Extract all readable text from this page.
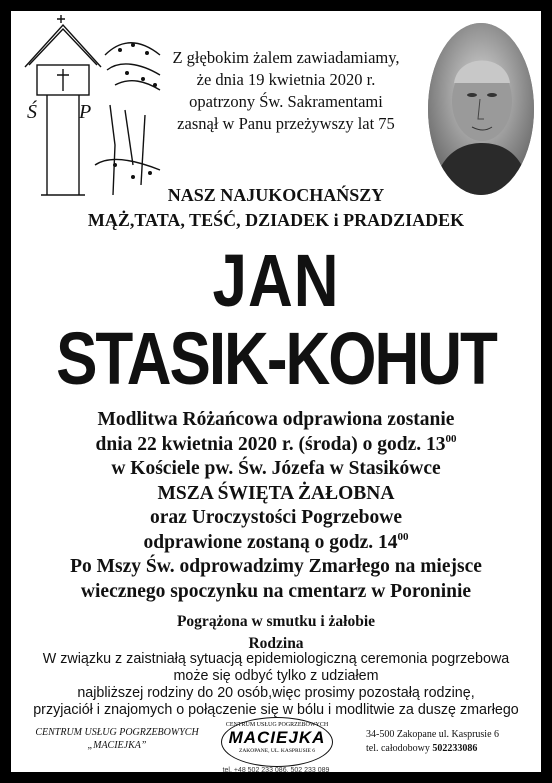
Ś P
Z głębokim żalem zawiadamiamy,
że dnia 19 kwietnia 2020 r.
opatrzony Św. Sakramentami
zasnął w Panu przeżywszy lat 75
NASZ NAJUKOCHAŃSZY
MĄŻ,TATA, TEŚĆ, DZIADEK i PRADZIADEK
JAN
STASIK-KOHUT
Modlitwa Różańcowa odprawiona zostanie
dnia 22 kwietnia 2020 r. (środa) o godz. $13^{00}$
w Kościele pw. Św. Józefa w Stasikówce
MSZA ŚWIĘTA ŻAŁOBNA
oraz Uroczystości Pogrzebowe
odprawione zostaną o godz. $14^{00}$
Po Mszy Św. odprowadzimy Zmarłego na miejsce
wiecznego spoczynku na cmentarz w Poroninie
Pogrążona w smutku i żałobie
Rodzina
W związku z zaistniałą sytuacją epidemiologiczną ceremonia pogrzebowa
może się odbyć tylko z udziałem
najbliższej rodziny do 20 osób,więc prosimy pozostałą rodzinę,
przyjaciół i znajomych o połączenie się w bólu i modlitwie za duszę zmarłego
CENTRUM USŁUG POGRZEBOWYCH
„MACIEJKA”
CENTRUM USŁUG POGRZEBOWYCH
MACIEJKA
ZAKOPANE, UL. KASPRUSIE 6
34-500 Zakopane ul. Kasprusie 6
tel. całodobowy 502233086
tel. +48 502 233 086, 502 233 089
